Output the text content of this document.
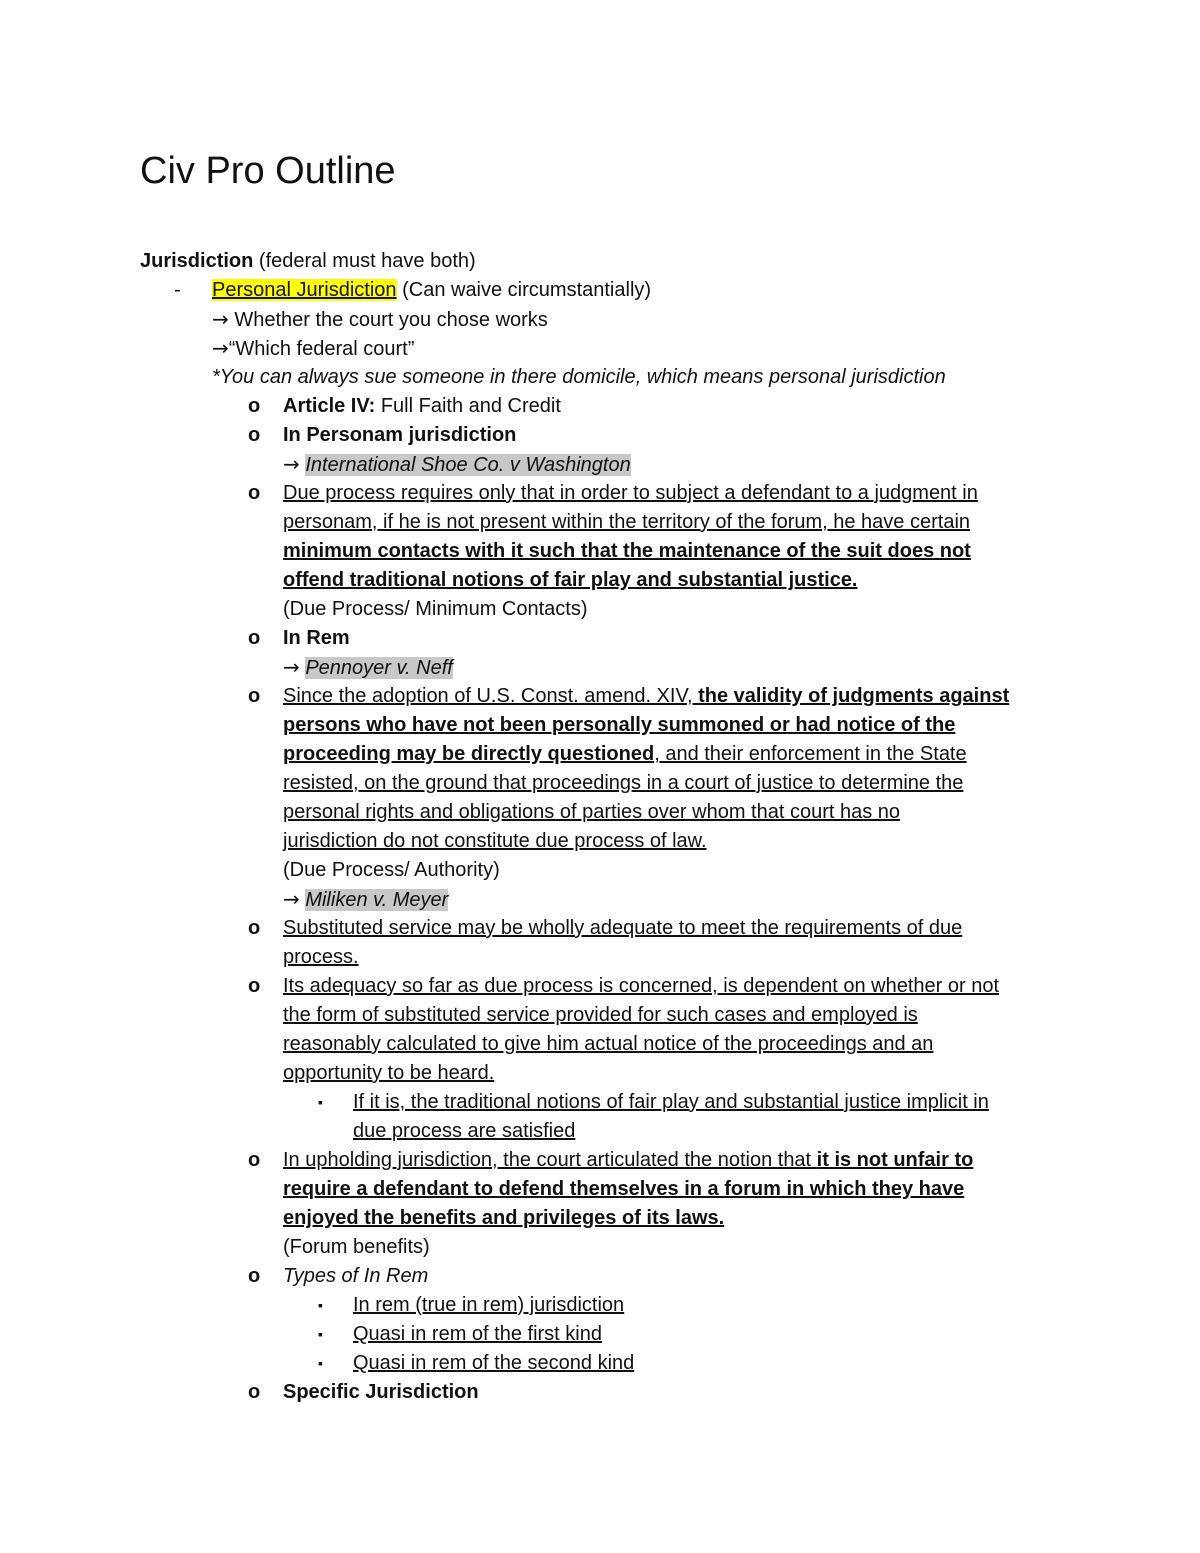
Civ Pro Outline
Jurisdiction (federal must have both)
- Personal Jurisdiction (Can waive circumstantially)
→ Whether the court you chose works
→“Which federal court”
*You can always sue someone in there domicile, which means personal jurisdiction
o Article IV: Full Faith and Credit
o In Personam jurisdiction
→ International Shoe Co. v Washington
o Due process requires only that in order to subject a defendant to a judgment in
personam, if he is not present within the territory of the forum, he have certain
minimum contacts with it such that the maintenance of the suit does not
offend traditional notions of fair play and substantial justice.
(Due Process/ Minimum Contacts)
o In Rem
→ Pennoyer v. Neff
o Since the adoption of U.S. Const. amend. XIV, the validity of judgments against
persons who have not been personally summoned or had notice of the
proceeding may be directly questioned, and their enforcement in the State
resisted, on the ground that proceedings in a court of justice to determine the
personal rights and obligations of parties over whom that court has no
jurisdiction do not constitute due process of law.
(Due Process/ Authority)
→ Miliken v. Meyer
o Substituted service may be wholly adequate to meet the requirements of due
process.
o Its adequacy so far as due process is concerned, is dependent on whether or not
the form of substituted service provided for such cases and employed is
reasonably calculated to give him actual notice of the proceedings and an
opportunity to be heard.
▪ If it is, the traditional notions of fair play and substantial justice implicit in
due process are satisfied
o In upholding jurisdiction, the court articulated the notion that it is not unfair to
require a defendant to defend themselves in a forum in which they have
enjoyed the benefits and privileges of its laws.
(Forum benefits)
o Types of In Rem
▪ In rem (true in rem) jurisdiction
▪ Quasi in rem of the first kind
▪ Quasi in rem of the second kind
o Specific Jurisdiction
